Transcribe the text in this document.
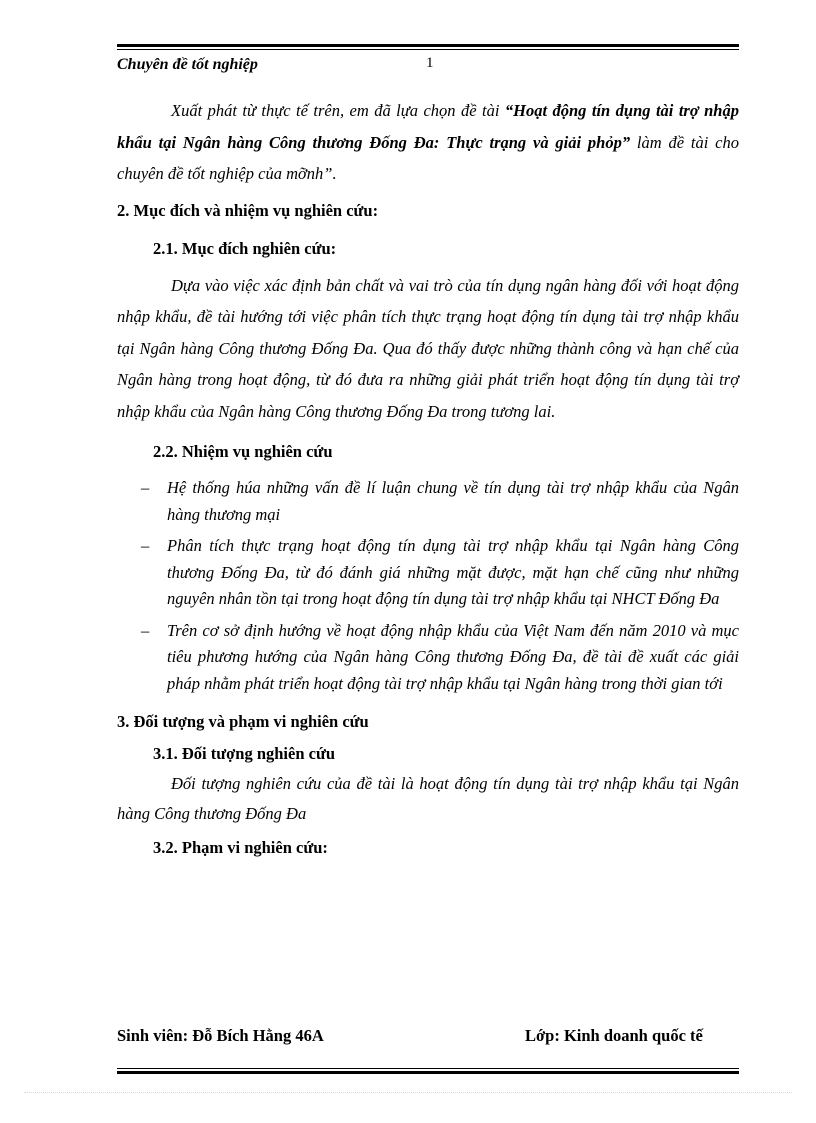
Chuyên đề tốt nghiệp	1

Xuất phát từ thực tế trên, em đã lựa chọn đề tài “Hoạt động tín dụng tài trợ nhập khẩu tại Ngân hàng Công thương Đống Đa: Thực trạng và giải phỏp” làm đề tài cho chuyên đề tốt nghiệp của mỡnh”.

2. Mục đích và nhiệm vụ nghiên cứu:

2.1. Mục đích nghiên cứu:

Dựa vào việc xác định bản chất và vai trò của tín dụng ngân hàng đối với hoạt động nhập khẩu, đề tài hướng tới việc phân tích thực trạng hoạt động tín dụng tài trợ nhập khẩu tại Ngân hàng Công thương Đống Đa. Qua đó thấy được những thành công và hạn chế của Ngân hàng trong hoạt động, từ đó đưa ra những giải phát triển hoạt động tín dụng tài trợ nhập khẩu của Ngân hàng Công thương Đống Đa trong tương lai.

2.2. Nhiệm vụ nghiên cứu

– Hệ thống húa những vấn đề lí luận chung về tín dụng tài trợ nhập khẩu của Ngân hàng thương mại
– Phân tích thực trạng hoạt động tín dụng tài trợ nhập khẩu tại Ngân hàng Công thương Đống Đa, từ đó đánh giá những mặt được, mặt hạn chế cũng như những nguyên nhân tồn tại trong hoạt động tín dụng tài trợ nhập khẩu tại NHCT Đống Đa
– Trên cơ sở định hướng về hoạt động nhập khẩu của Việt Nam đến năm 2010 và mục tiêu phương hướng của Ngân hàng Công thương Đống Đa, đề tài đề xuất các giải pháp nhằm phát triển hoạt động tài trợ nhập khẩu tại Ngân hàng trong thời gian tới

3. Đối tượng và phạm vi nghiên cứu

3.1. Đối tượng nghiên cứu

Đối tượng nghiên cứu của đề tài là hoạt động tín dụng tài trợ nhập khẩu tại Ngân hàng Công thương Đống Đa

3.2. Phạm vi nghiên cứu:

Sinh viên: Đỗ Bích Hằng 46A	Lớp: Kinh doanh quốc tế
